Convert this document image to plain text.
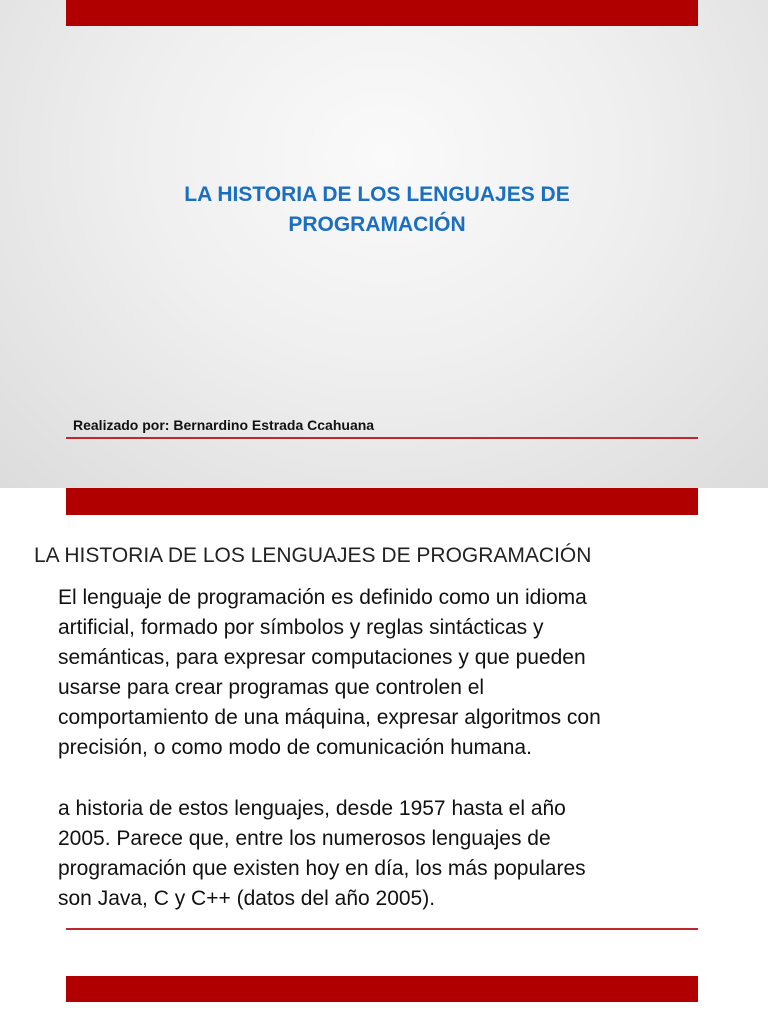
LA HISTORIA DE LOS LENGUAJES DE
PROGRAMACIÓN
Realizado por: Bernardino Estrada Ccahuana
LA HISTORIA DE LOS LENGUAJES DE PROGRAMACIÓN
El lenguaje de programación es definido como un idioma
artificial, formado por símbolos y reglas sintácticas y
semánticas, para expresar computaciones y que pueden
usarse para crear programas que controlen el
comportamiento de una máquina, expresar algoritmos con
precisión, o como modo de comunicación humana.
a historia de estos lenguajes, desde 1957 hasta el año
2005. Parece que, entre los numerosos lenguajes de
programación que existen hoy en día, los más populares
son Java, C y C++ (datos del año 2005).
